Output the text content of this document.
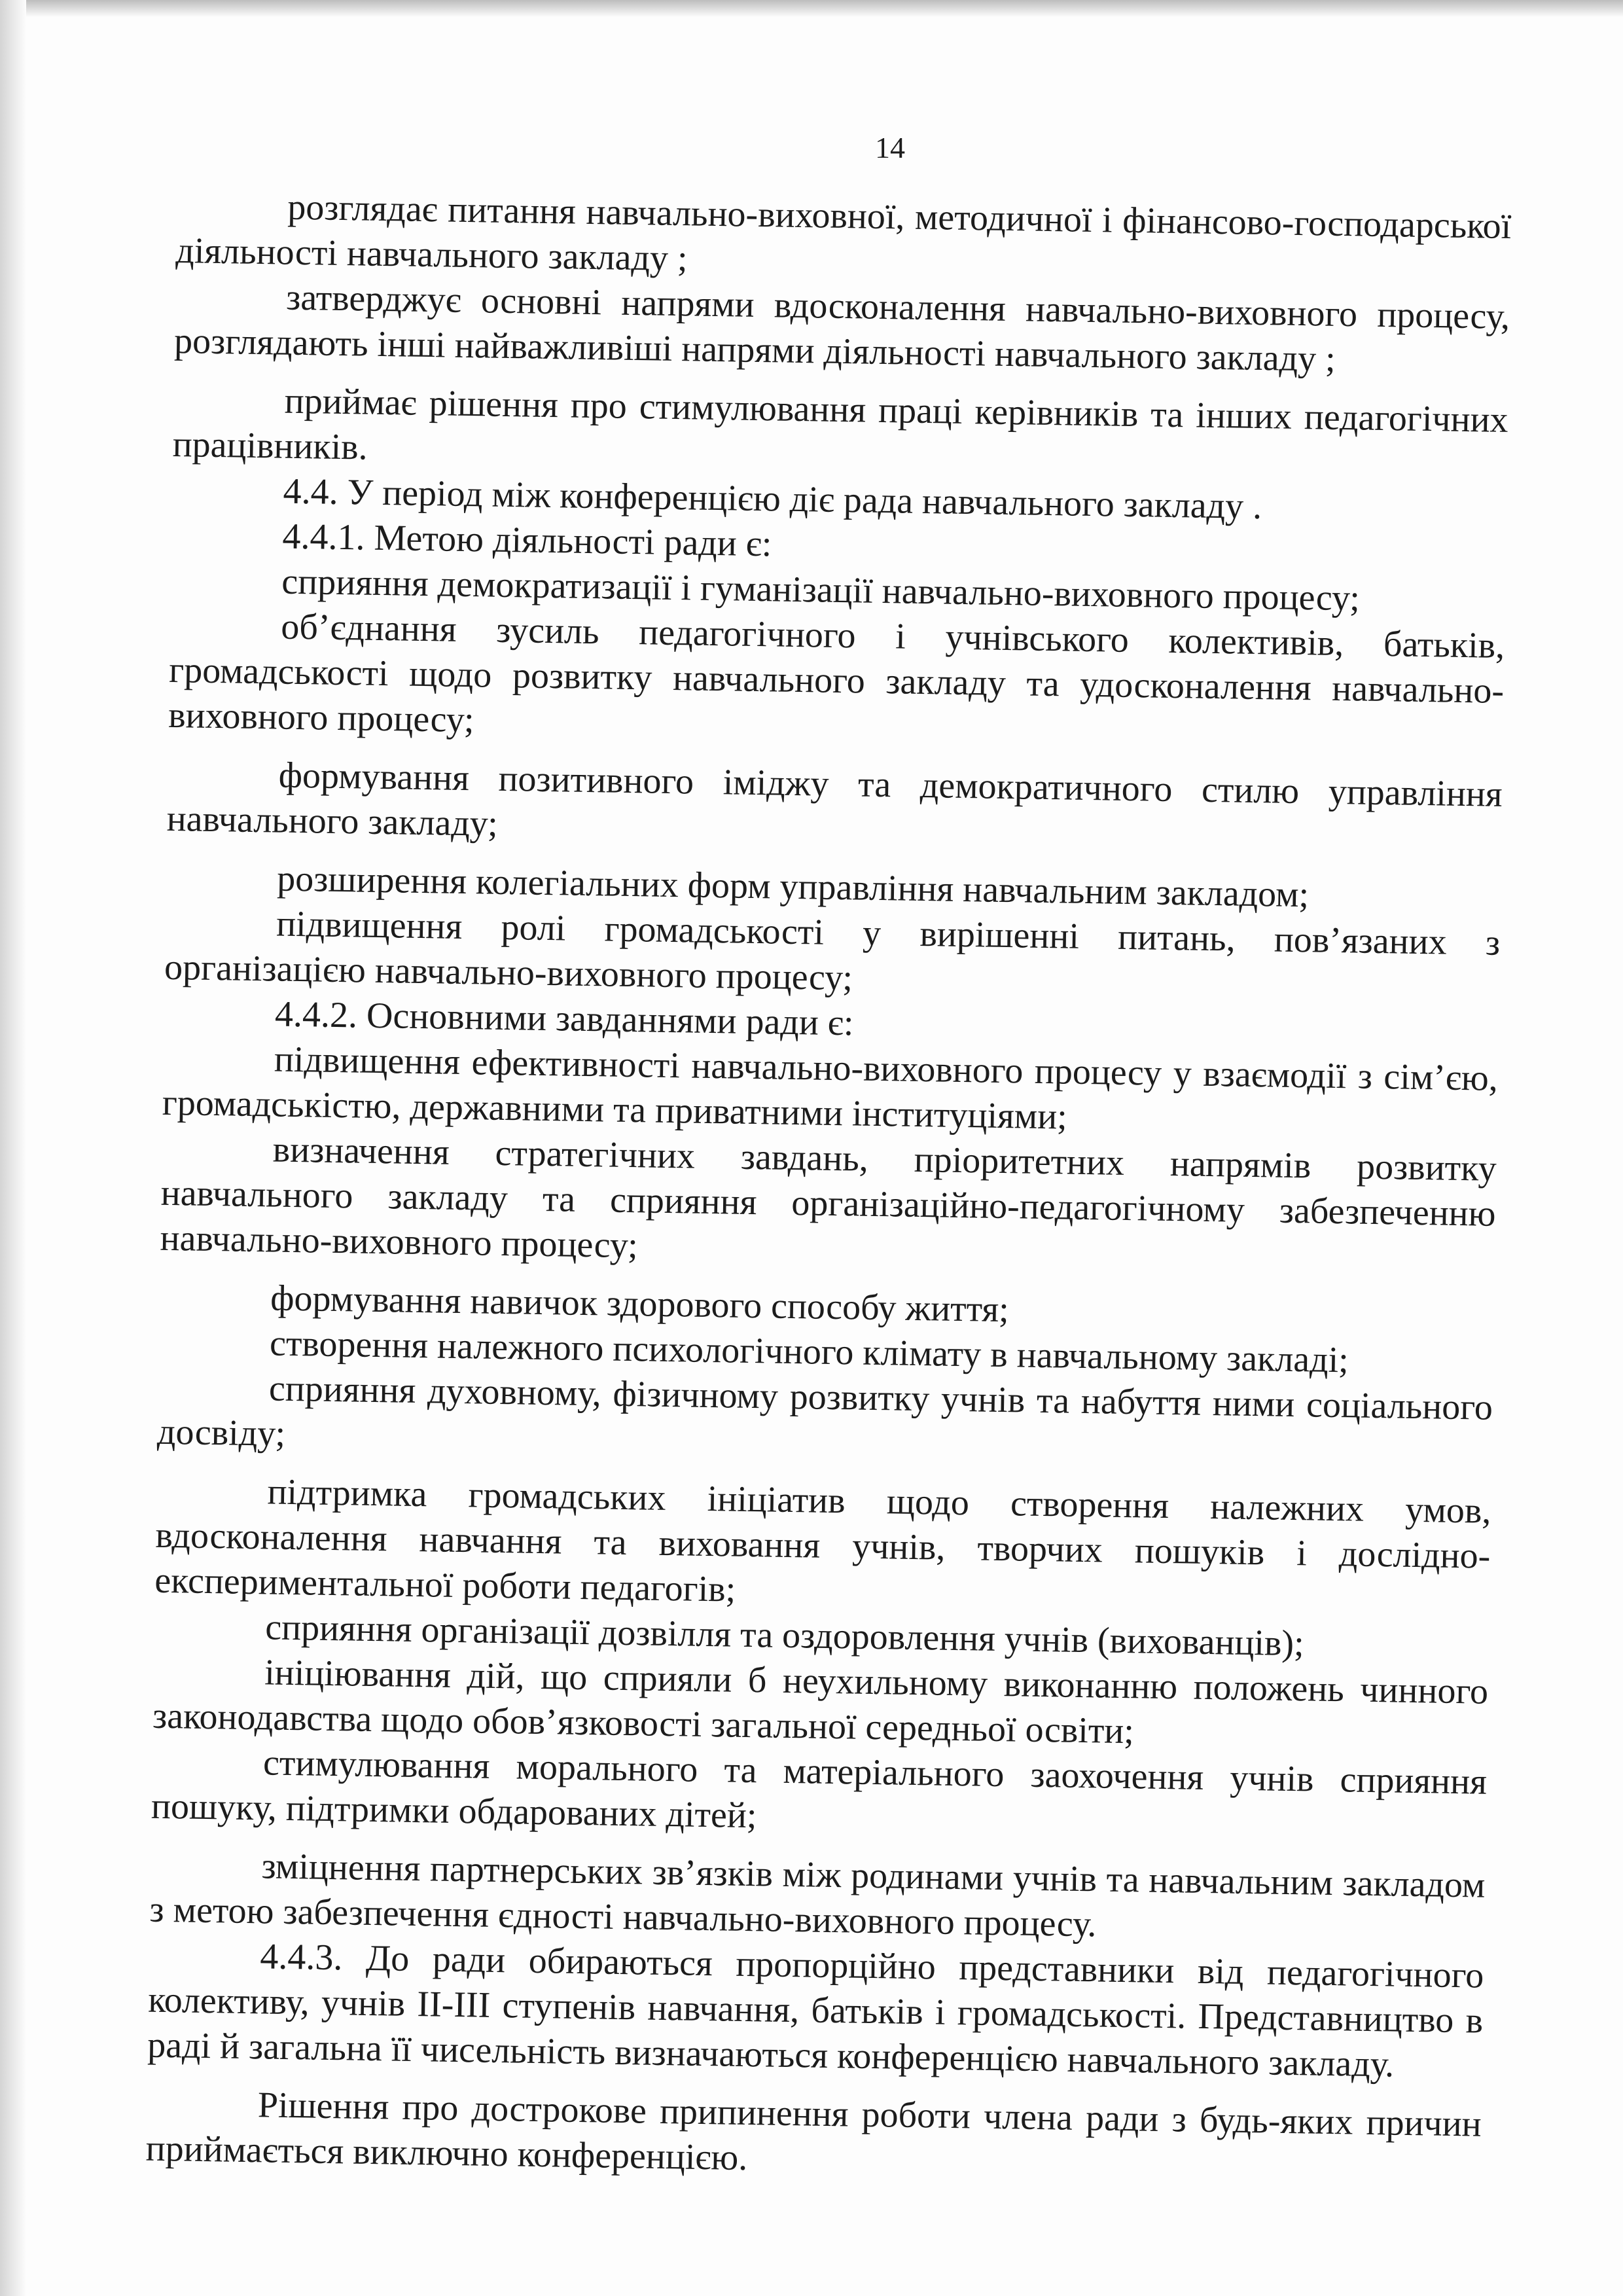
14

розглядає питання навчально-виховної, методичної і фінансово-господарської діяльності навчального закладу ;

затверджує основні напрями вдосконалення навчально-виховного процесу, розглядають інші найважливіші напрями діяльності навчального закладу ;

приймає рішення про стимулювання праці керівників та інших педагогічних працівників.

4.4. У період між конференцією діє рада навчального закладу .

4.4.1. Метою діяльності ради є:

сприяння демократизації і гуманізації навчально-виховного процесу;

об’єднання зусиль педагогічного і учнівського колективів, батьків, громадськості щодо розвитку навчального закладу та удосконалення навчально-виховного процесу;

формування позитивного іміджу та демократичного стилю управління навчального закладу;

розширення колегіальних форм управління навчальним закладом;

підвищення ролі громадськості у вирішенні питань, пов’язаних з організацією навчально-виховного процесу;

4.4.2. Основними завданнями ради є:

підвищення ефективності навчально-виховного процесу у взаємодії з сім’єю, громадськістю, державними та приватними інституціями;

визначення стратегічних завдань, пріоритетних напрямів розвитку навчального закладу та сприяння організаційно-педагогічному забезпеченню навчально-виховного процесу;

формування навичок здорового способу життя;

створення належного психологічного клімату в навчальному закладі;

сприяння духовному, фізичному розвитку учнів та набуття ними соціального досвіду;

підтримка громадських ініціатив щодо створення належних умов, вдосконалення навчання та виховання учнів, творчих пошуків і дослідно-експериментальної роботи педагогів;

сприяння організації дозвілля та оздоровлення учнів (вихованців);

ініціювання дій, що сприяли б неухильному виконанню положень чинного законодавства щодо обов’язковості загальної середньої освіти;

стимулювання морального та матеріального заохочення учнів сприяння пошуку, підтримки обдарованих дітей;

зміцнення партнерських зв’язків між родинами учнів та навчальним закладом з метою забезпечення єдності навчально-виховного процесу.

4.4.3. До ради обираються пропорційно представники від педагогічного колективу, учнів ІІ-ІІІ ступенів навчання, батьків і громадськості. Представництво в раді й загальна її чисельність визначаються конференцією навчального закладу.

Рішення про дострокове припинення роботи члена ради з будь-яких причин приймається виключно конференцією.
